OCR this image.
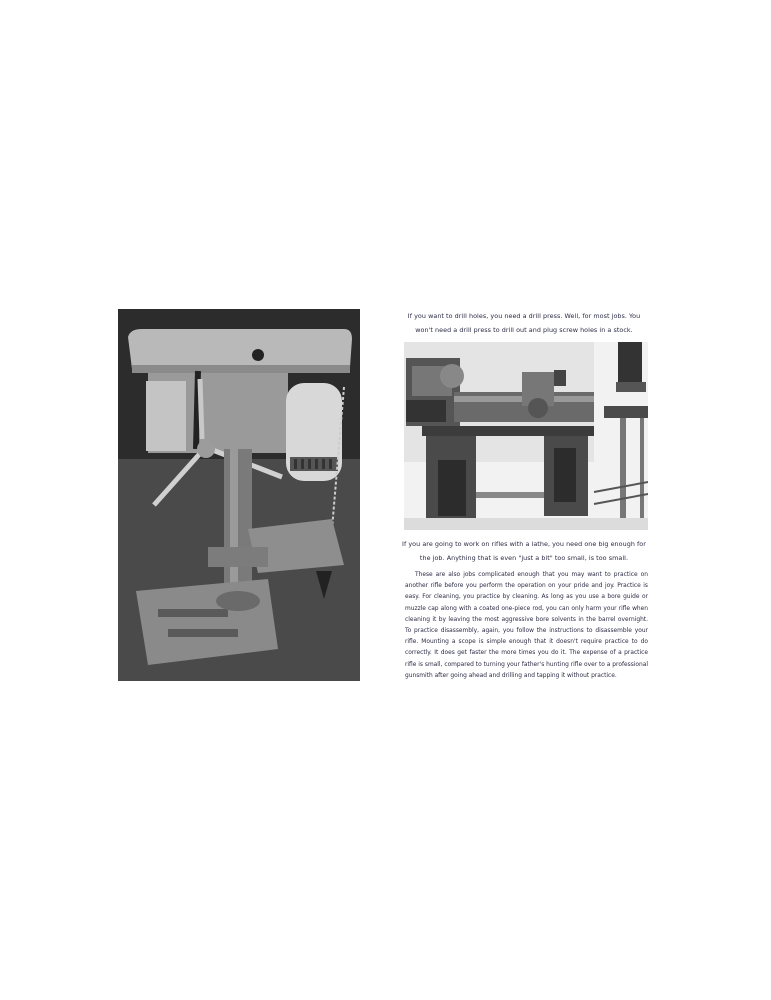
If you want to drill holes, you need a drill press. Well, for most jobs. You won't need a drill press to drill out and plug screw holes in a stock.

If you are going to work on rifles with a lathe, you need one big enough for the job. Anything that is even "just a bit" too small, is too small.

These are also jobs complicated enough that you may want to practice on another rifle before you perform the operation on your pride and joy. Practice is easy. For cleaning, you practice by cleaning. As long as you use a bore guide or muzzle cap along with a coated one-piece rod, you can only harm your rifle when cleaning it by leaving the most aggressive bore solvents in the barrel overnight. To practice disassembly, again, you follow the instructions to disassemble your rifle. Mounting a scope is simple enough that it doesn't require practice to do correctly. It does get faster the more times you do it. The expense of a practice rifle is small, compared to turning your father's hunting rifle over to a professional gunsmith after going ahead and drilling and tapping it without practice.
